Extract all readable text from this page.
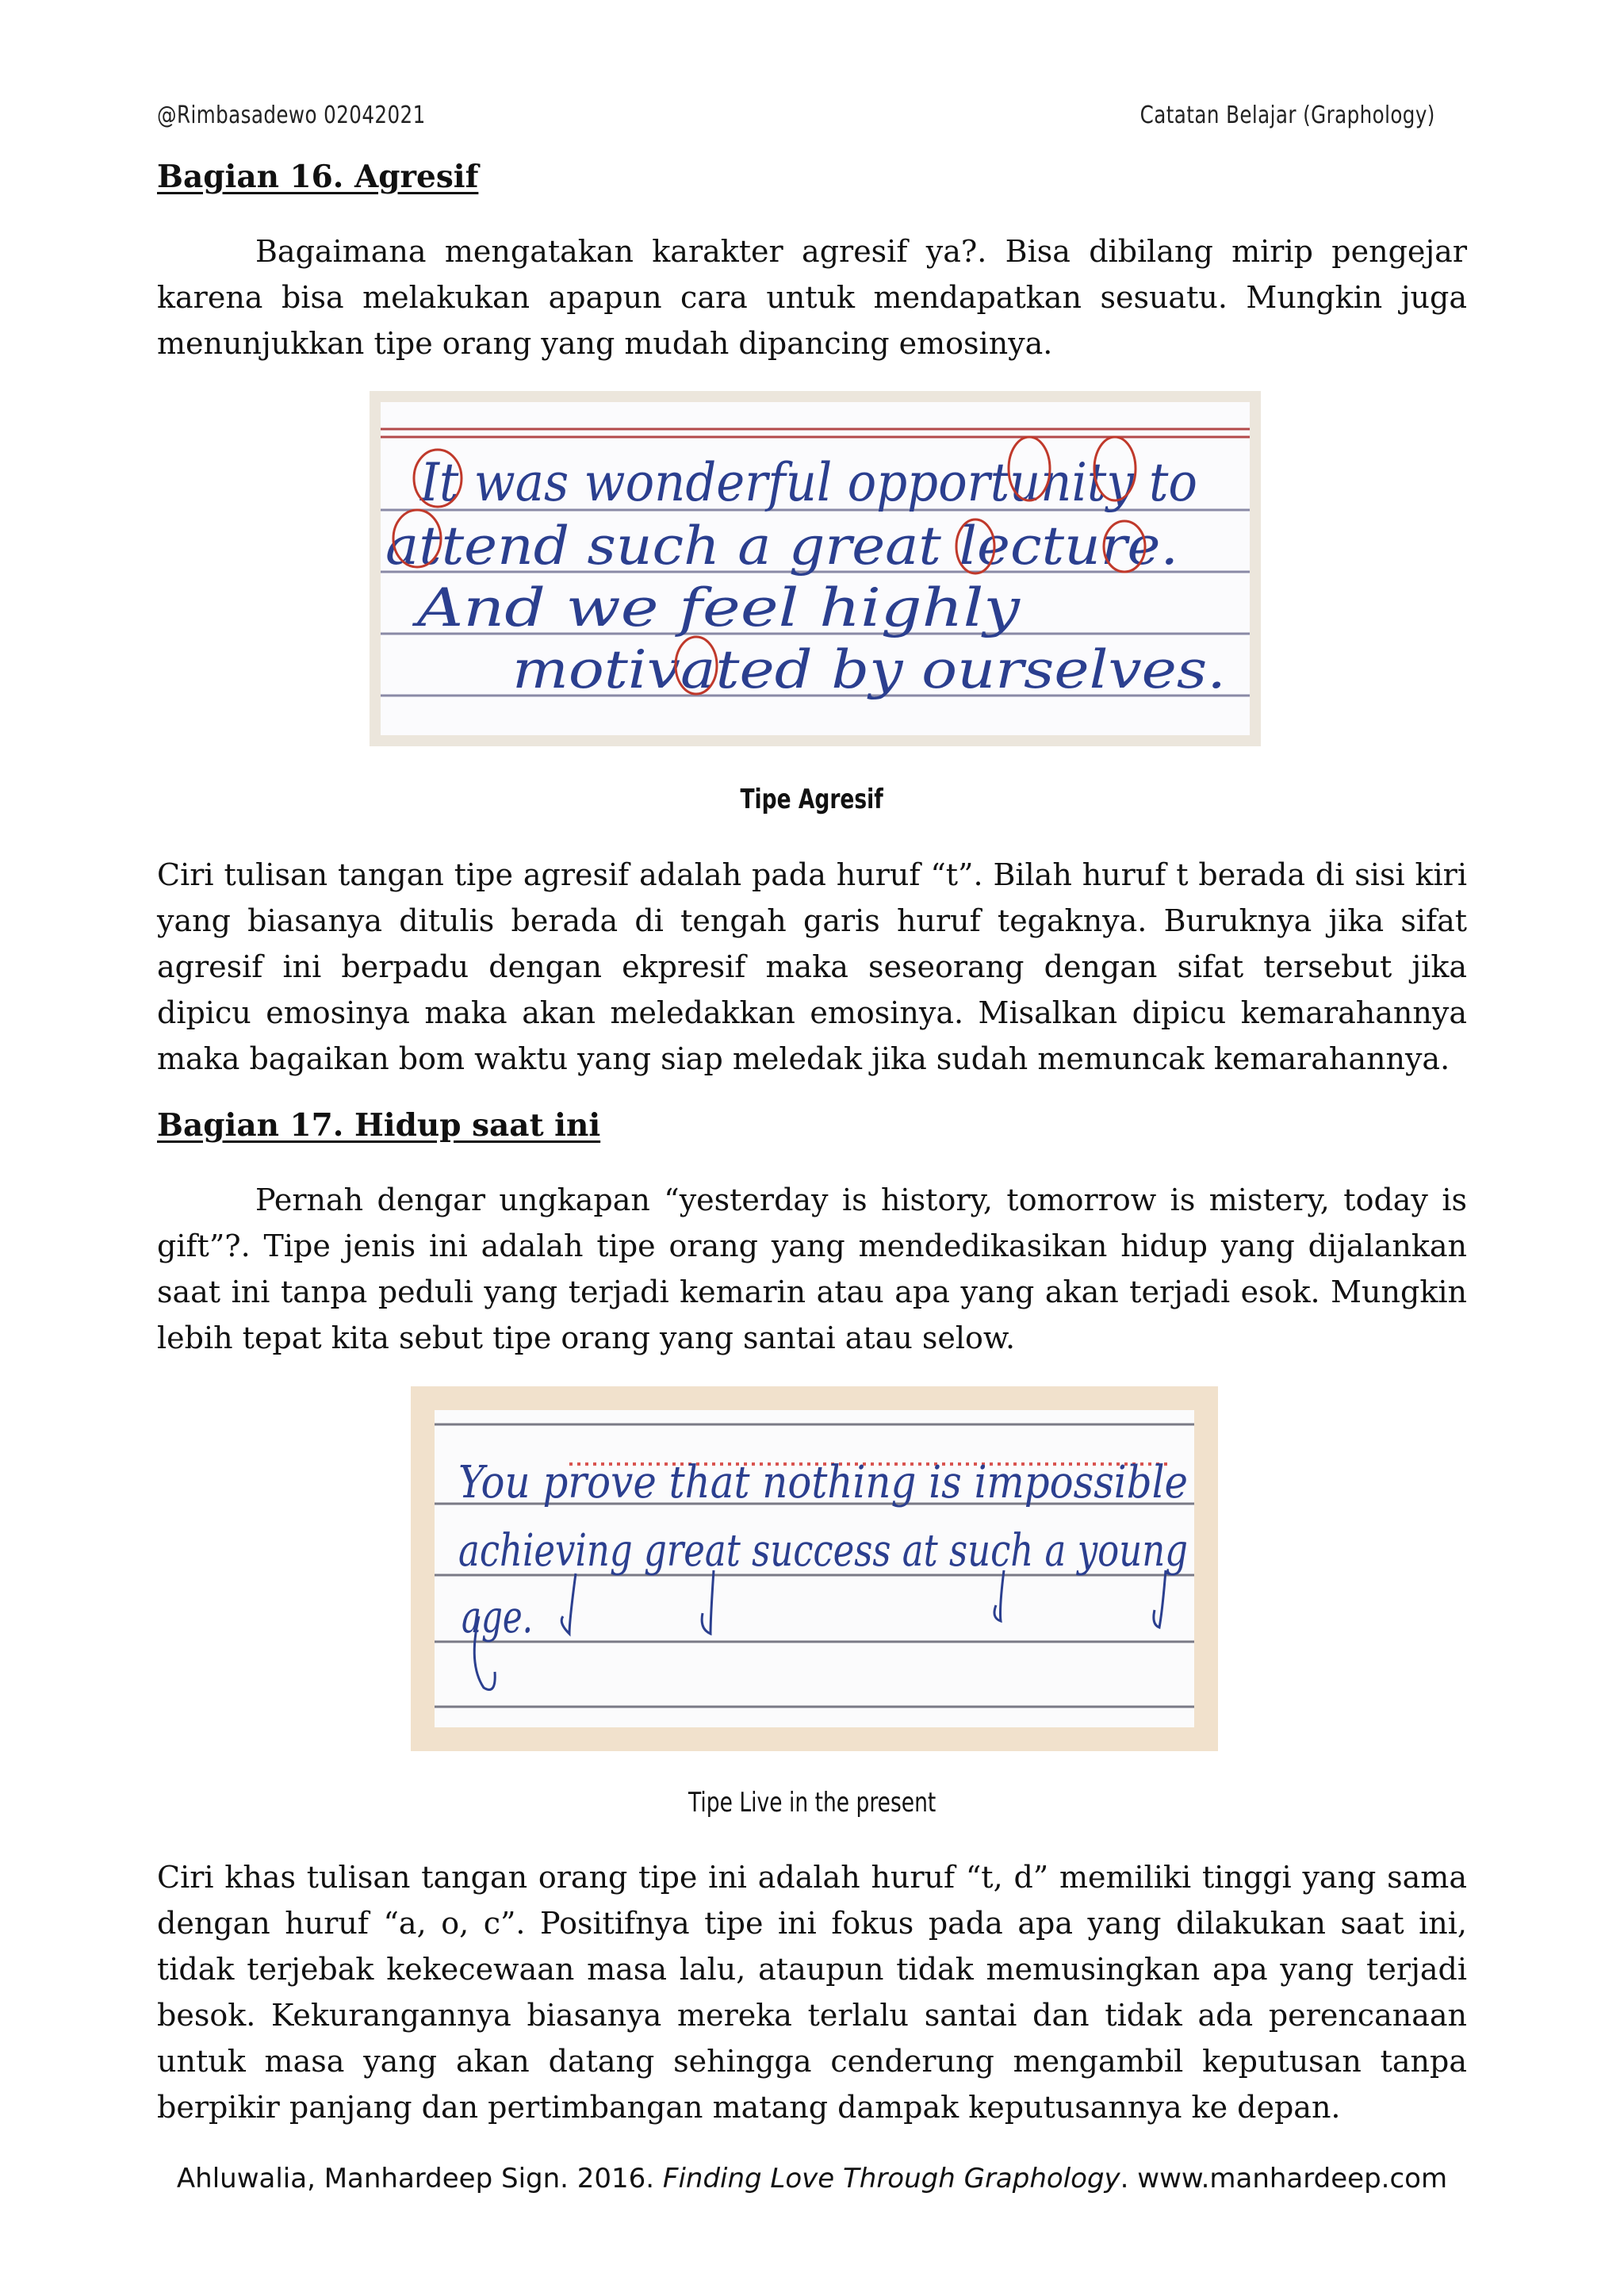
@Rimbasadewo 02042021	Catatan Belajar (Graphology)
Bagian 16. Agresif

Bagaimana mengatakan karakter agresif ya?. Bisa dibilang mirip pengejar karena bisa melakukan apapun cara untuk mendapatkan sesuatu. Mungkin juga menunjukkan tipe orang yang mudah dipancing emosinya.

It was wonderful opportunity to
attend such a great lecture.
And we feel highly
motivated by ourselves.
Tipe Agresif

Ciri tulisan tangan tipe agresif adalah pada huruf “t”. Bilah huruf t berada di sisi kiri yang biasanya ditulis berada di tengah garis huruf tegaknya. Buruknya jika sifat agresif ini berpadu dengan ekpresif maka seseorang dengan sifat tersebut jika dipicu emosinya maka akan meledakkan emosinya. Misalkan dipicu kemarahannya maka bagaikan bom waktu yang siap meledak jika sudah memuncak kemarahannya.

Bagian 17. Hidup saat ini

Pernah dengar ungkapan “yesterday is history, tomorrow is mistery, today is gift”?. Tipe jenis ini adalah tipe orang yang mendedikasikan hidup yang dijalankan saat ini tanpa peduli yang terjadi kemarin atau apa yang akan terjadi esok. Mungkin lebih tepat kita sebut tipe orang yang santai atau selow.

You prove that nothing is impossible
achieving great success at such a young
age.
Tipe Live in the present

Ciri khas tulisan tangan orang tipe ini adalah huruf “t, d” memiliki tinggi yang sama dengan huruf “a, o, c”. Positifnya tipe ini fokus pada apa yang dilakukan saat ini, tidak terjebak kekecewaan masa lalu, ataupun tidak memusingkan apa yang terjadi besok. Kekurangannya biasanya mereka terlalu santai dan tidak ada perencanaan untuk masa yang akan datang sehingga cenderung mengambil keputusan tanpa berpikir panjang dan pertimbangan matang dampak keputusannya ke depan.

Ahluwalia, Manhardeep Sign. 2016. Finding Love Through Graphology. www.manhardeep.com
